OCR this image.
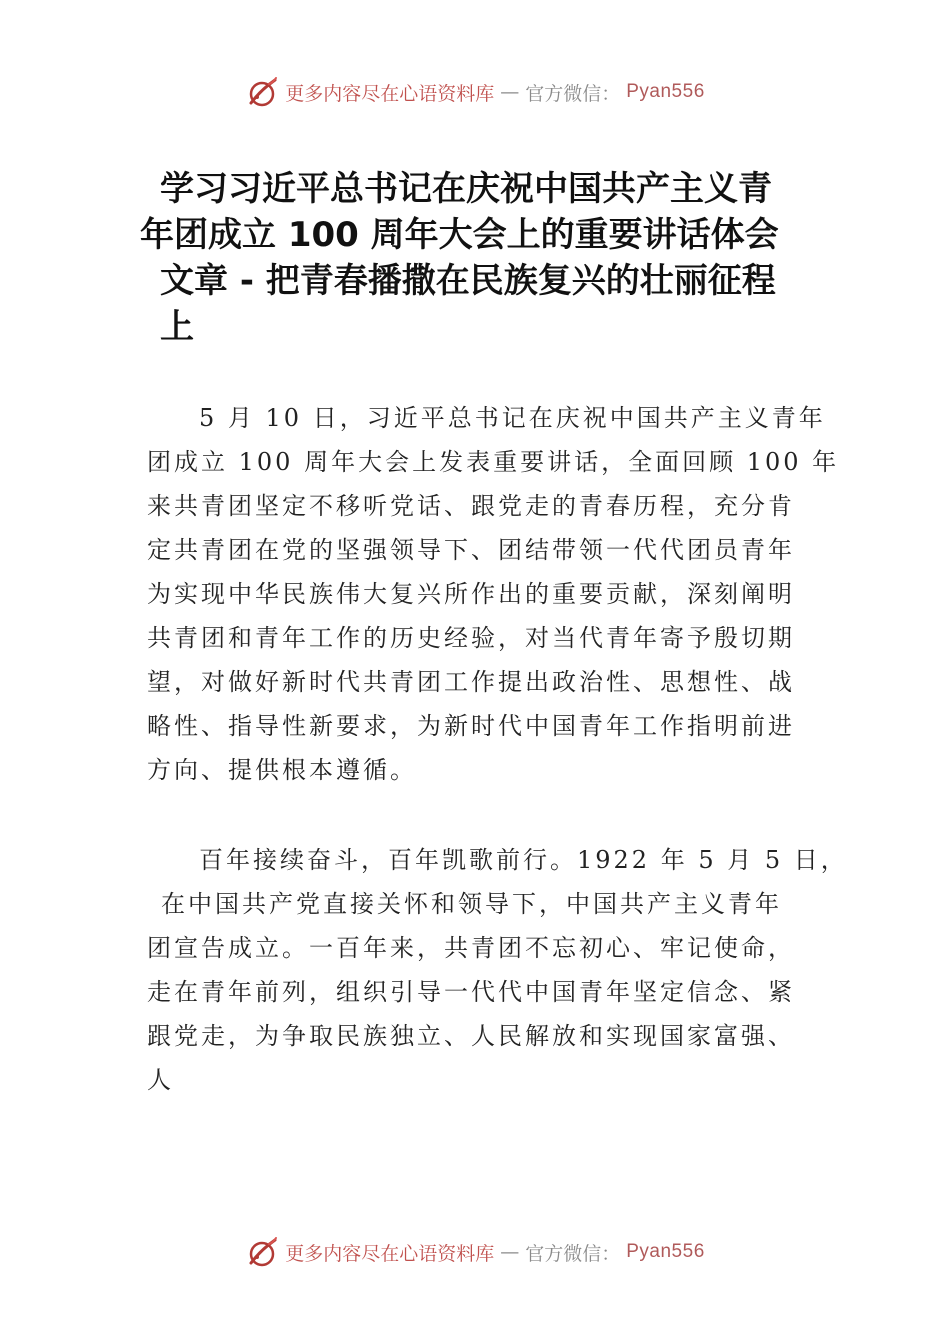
更多内容尽在心语资料库 — 官方微信： Pyan556
学习习近平总书记在庆祝中国共产主义青
年团成立 100 周年大会上的重要讲话体会
文章 - 把青春播撒在民族复兴的壮丽征程
上
5 月 10 日，习近平总书记在庆祝中国共产主义青年
团成立 100 周年大会上发表重要讲话，全面回顾 100 年
来共青团坚定不移听党话、跟党走的青春历程，充分肯
定共青团在党的坚强领导下、团结带领一代代团员青年
为实现中华民族伟大复兴所作出的重要贡献，深刻阐明
共青团和青年工作的历史经验，对当代青年寄予殷切期
望，对做好新时代共青团工作提出政治性、思想性、战
略性、指导性新要求，为新时代中国青年工作指明前进
方向、提供根本遵循。
百年接续奋斗，百年凯歌前行。1922 年 5 月 5 日，
在中国共产党直接关怀和领导下，中国共产主义青年
团宣告成立。一百年来，共青团不忘初心、牢记使命，
走在青年前列，组织引导一代代中国青年坚定信念、紧
跟党走，为争取民族独立、人民解放和实现国家富强、
人
更多内容尽在心语资料库 — 官方微信： Pyan556
